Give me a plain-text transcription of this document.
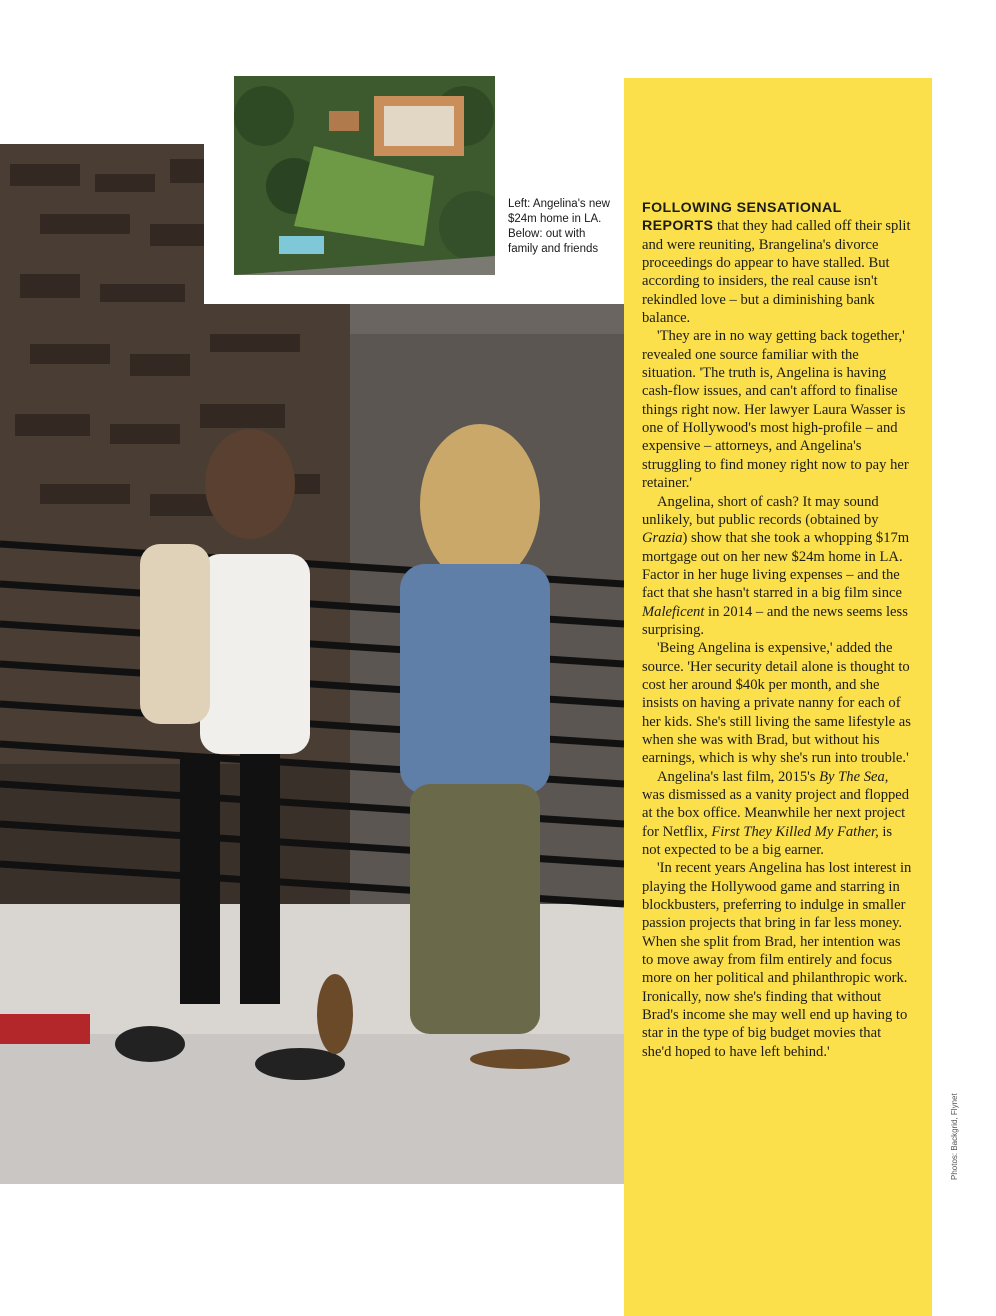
Left: Angelina's new $24m home in LA. Below: out with family and friends

FOLLOWING SENSATIONAL REPORTS that they had called off their split and were reuniting, Brangelina's divorce proceedings do appear to have stalled. But according to insiders, the real cause isn't rekindled love – but a diminishing bank balance.

'They are in no way getting back together,' revealed one source familiar with the situation. 'The truth is, Angelina is having cash-flow issues, and can't afford to finalise things right now. Her lawyer Laura Wasser is one of Hollywood's most high-profile – and expensive – attorneys, and Angelina's struggling to find money right now to pay her retainer.'

Angelina, short of cash? It may sound unlikely, but public records (obtained by Grazia) show that she took a whopping $17m mortgage out on her new $24m home in LA. Factor in her huge living expenses – and the fact that she hasn't starred in a big film since Maleficent in 2014 – and the news seems less surprising.

'Being Angelina is expensive,' added the source. 'Her security detail alone is thought to cost her around $40k per month, and she insists on having a private nanny for each of her kids. She's still living the same lifestyle as when she was with Brad, but without his earnings, which is why she's run into trouble.'

Angelina's last film, 2015's By The Sea, was dismissed as a vanity project and flopped at the box office. Meanwhile her next project for Netflix, First They Killed My Father, is not expected to be a big earner.

'In recent years Angelina has lost interest in playing the Hollywood game and starring in blockbusters, preferring to indulge in smaller passion projects that bring in far less money. When she split from Brad, her intention was to move away from film entirely and focus more on her political and philanthropic work. Ironically, now she's finding that without Brad's income she may well end up having to star in the type of big budget movies that she'd hoped to have left behind.'

Photos: Backgrid, Flynet
